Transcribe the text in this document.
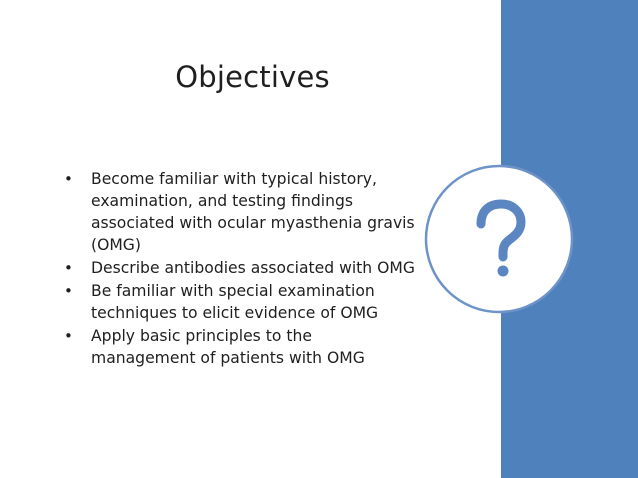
Objectives
• Become familiar with typical history, examination, and testing findings associated with ocular myasthenia gravis (OMG)
• Describe antibodies associated with OMG
• Be familiar with special examination techniques to elicit evidence of OMG
• Apply basic principles to the management of patients with OMG
